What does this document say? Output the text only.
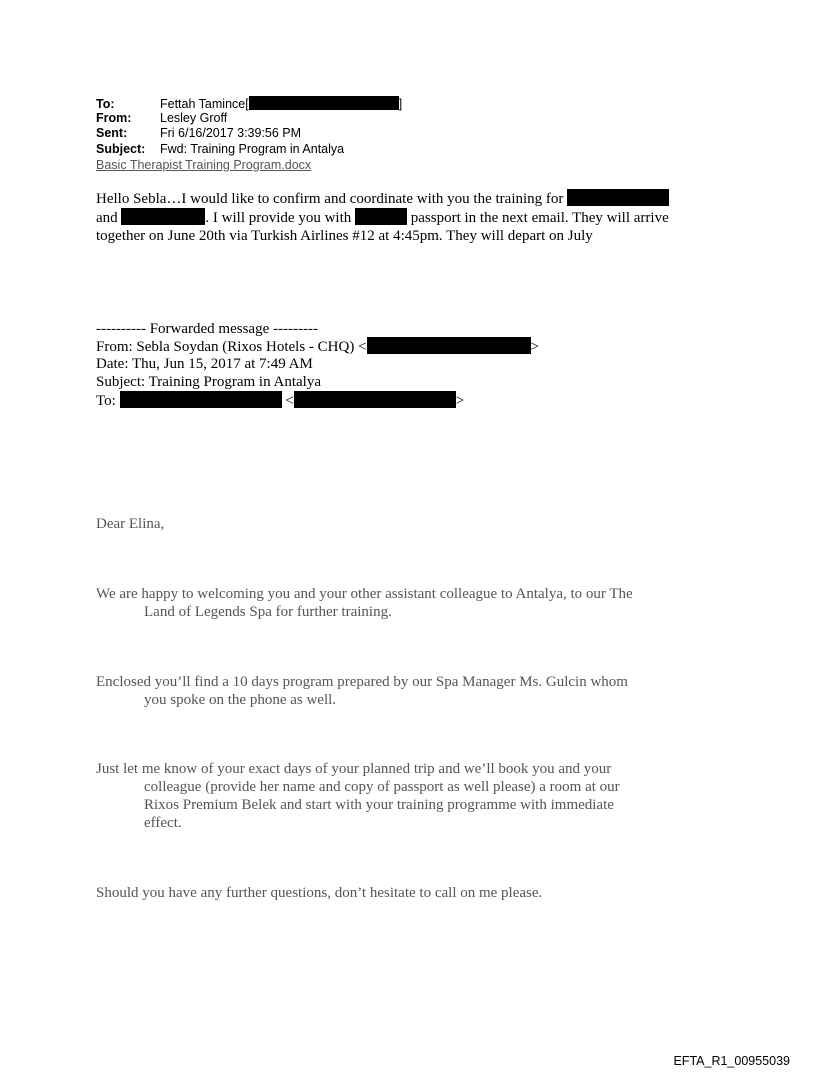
To:	Fettah Tamince[	]
From: Lesley Groff
Sent:	Fri 6/16/2017 3:39:56 PM
Subject: Fwd: Training Program in Antalya
Basic Therapist Training Program.docx
Hello Sebla…I would like to confirm and coordinate with you the training for
and	. I will provide you with	passport in the next email. They will arrive
together on June 20th via Turkish Airlines #12 at 4:45pm. They will depart on July
---------- Forwarded message ---------
From: Sebla Soydan (Rixos Hotels - CHQ) <	>
Date: Thu, Jun 15, 2017 at 7:49 AM
Subject: Training Program in Antalya
To:	<	>

Dear Elina,

We are happy to welcoming you and your other assistant colleague to Antalya, to our The

Land of Legends Spa for further training.

Enclosed you’ll find a 10 days program prepared by our Spa Manager Ms. Gulcin whom

you spoke on the phone as well.

Just let me know of your exact days of your planned trip and we’ll book you and your

colleague (provide her name and copy of passport as well please) a room at our

Rixos Premium Belek and start with your training programme with immediate

effect.

Should you have any further questions, don’t hesitate to call on me please.

EFTA_R1_00955039
